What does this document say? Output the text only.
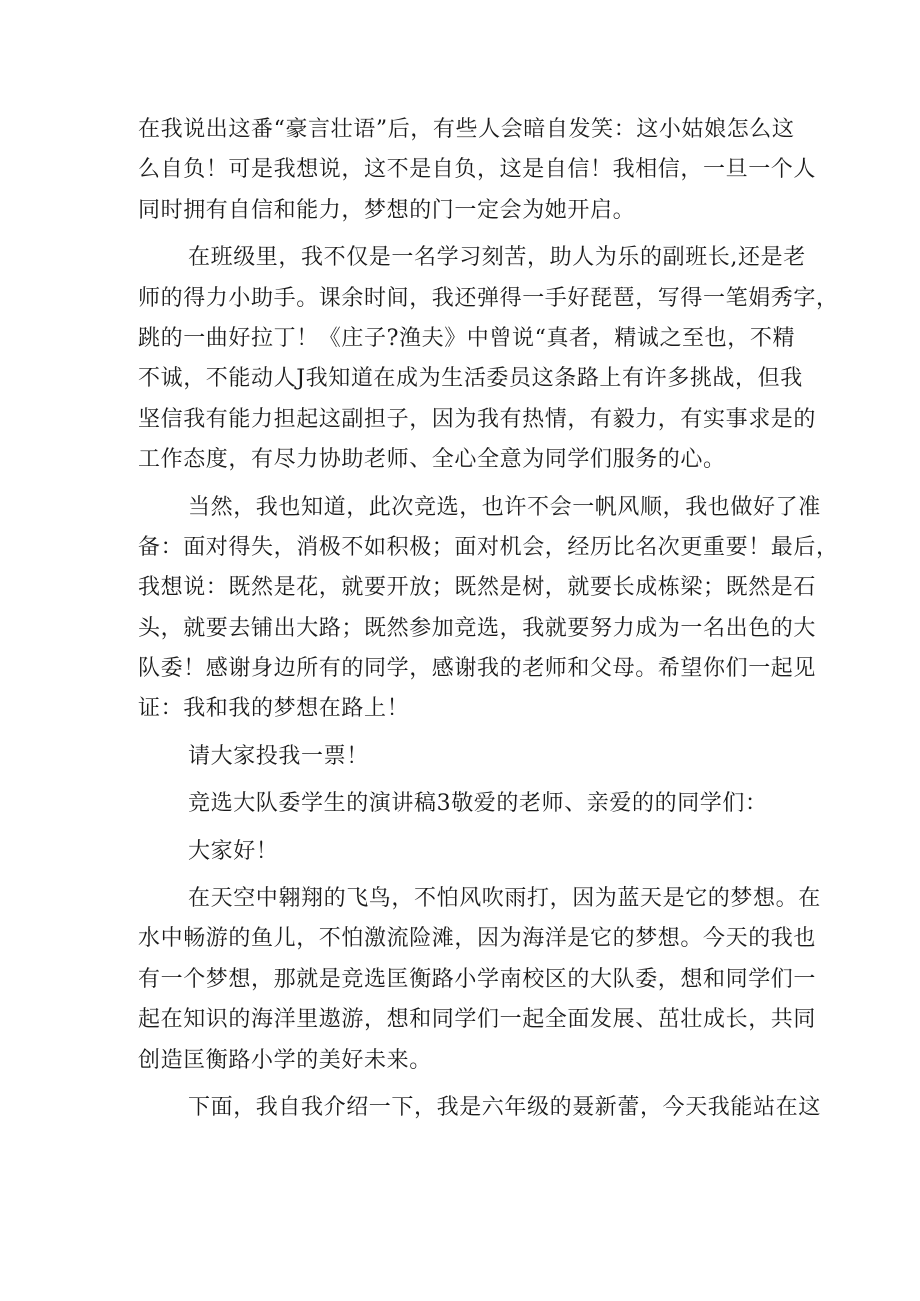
在我说出这番“豪言壮语”后，有些人会暗自发笑：这小姑娘怎么这
么自负！可是我想说，这不是自负，这是自信！我相信，一旦一个人
同时拥有自信和能力，梦想的门一定会为她开启。
在班级里，我不仅是一名学习刻苦，助人为乐的副班长,还是老
师的得力小助手。课余时间，我还弹得一手好琵琶，写得一笔娟秀字，
跳的一曲好拉丁！《庄子?渔夫》中曾说“真者，精诚之至也，不精
不诚，不能动人J我知道在成为生活委员这条路上有许多挑战，但我
坚信我有能力担起这副担子，因为我有热情，有毅力，有实事求是的
工作态度，有尽力协助老师、全心全意为同学们服务的心。
当然，我也知道，此次竞选，也许不会一帆风顺，我也做好了准
备：面对得失，消极不如积极；面对机会，经历比名次更重要！最后，
我想说：既然是花，就要开放；既然是树，就要长成栋梁；既然是石
头，就要去铺出大路；既然参加竞选，我就要努力成为一名出色的大
队委！感谢身边所有的同学，感谢我的老师和父母。希望你们一起见
证：我和我的梦想在路上！
请大家投我一票！
竞选大队委学生的演讲稿3敬爱的老师、亲爱的的同学们：
大家好！
在天空中翱翔的飞鸟，不怕风吹雨打，因为蓝天是它的梦想。在
水中畅游的鱼儿，不怕激流险滩，因为海洋是它的梦想。今天的我也
有一个梦想，那就是竞选匡衡路小学南校区的大队委，想和同学们一
起在知识的海洋里遨游，想和同学们一起全面发展、茁壮成长，共同
创造匡衡路小学的美好未来。
下面，我自我介绍一下，我是六年级的聂新蕾，今天我能站在这
